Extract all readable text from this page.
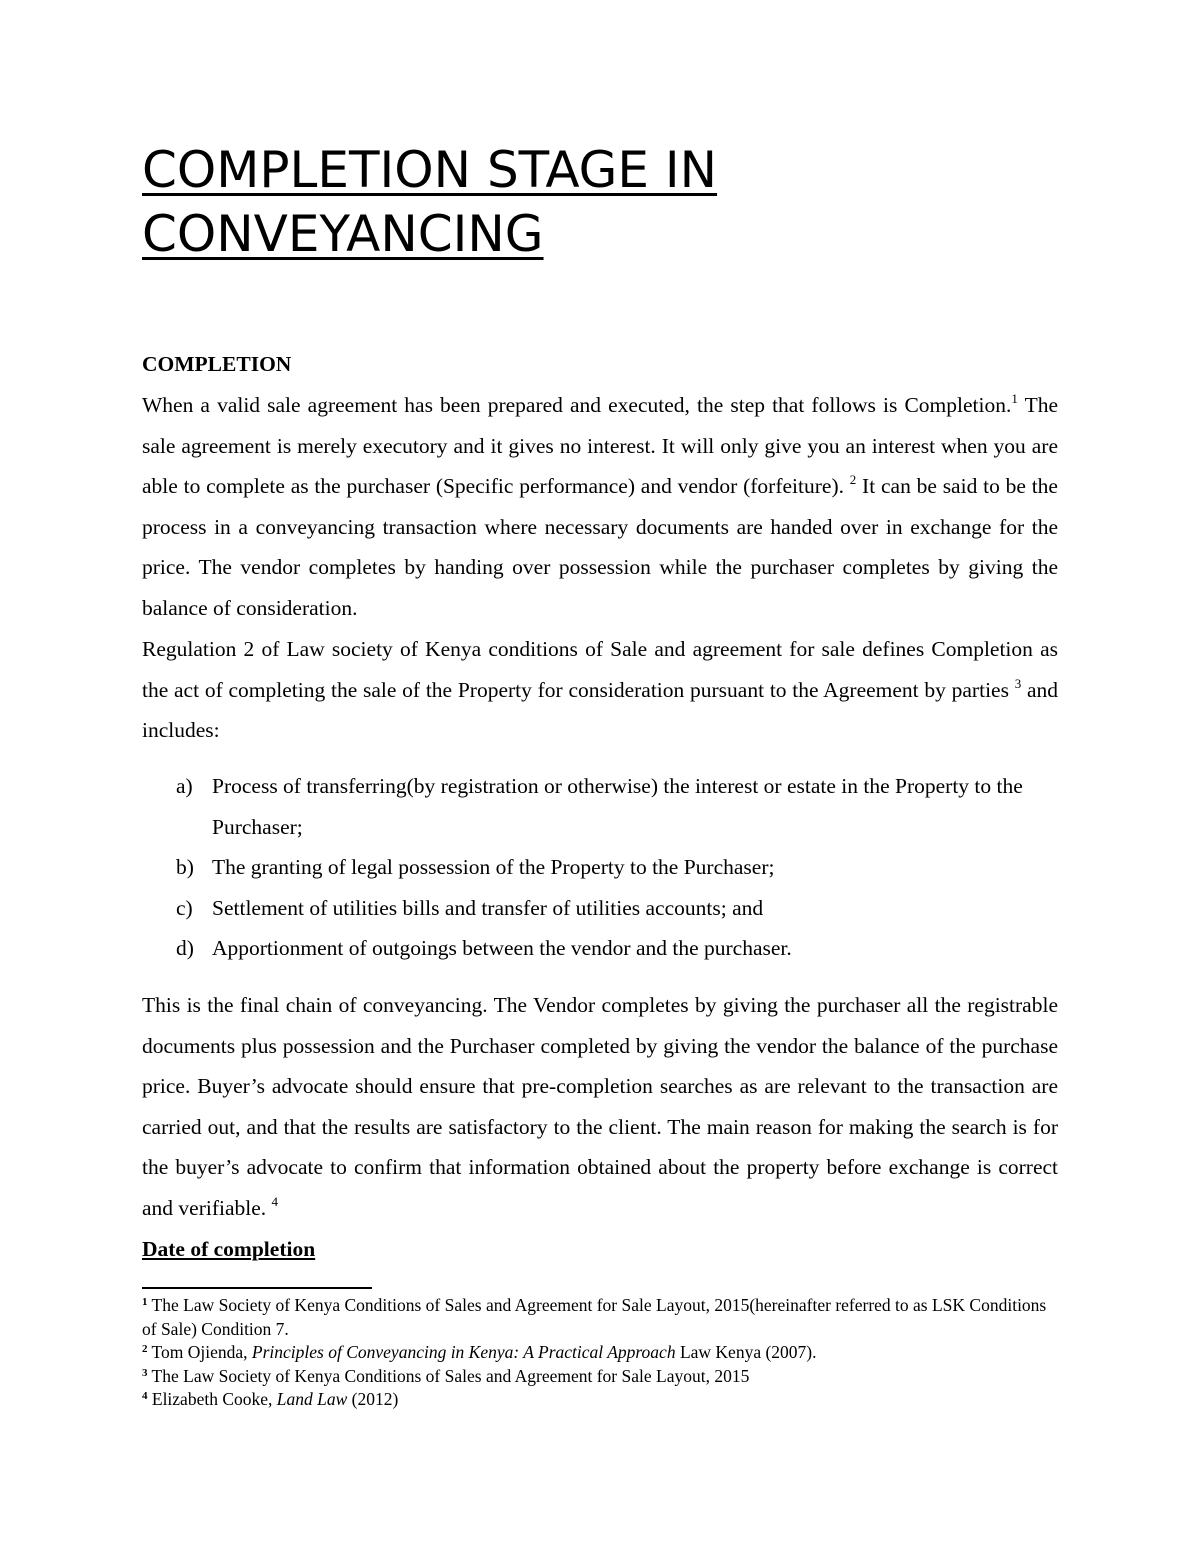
COMPLETION STAGE IN
CONVEYANCING

COMPLETION

When a valid sale agreement has been prepared and executed, the step that follows is Completion.$^1$ The sale agreement is merely executory and it gives no interest. It will only give you an interest when you are able to complete as the purchaser (Specific performance) and vendor (forfeiture). $^2$ It can be said to be the process in a conveyancing transaction where necessary documents are handed over in exchange for the price. The vendor completes by handing over possession while the purchaser completes by giving the balance of consideration.

Regulation 2 of Law society of Kenya conditions of Sale and agreement for sale defines Completion as the act of completing the sale of the Property for consideration pursuant to the Agreement by parties $^3$ and includes:

a) Process of transferring(by registration or otherwise) the interest or estate in the Property to the Purchaser;
b) The granting of legal possession of the Property to the Purchaser;
c) Settlement of utilities bills and transfer of utilities accounts; and
d) Apportionment of outgoings between the vendor and the purchaser.

This is the final chain of conveyancing. The Vendor completes by giving the purchaser all the registrable documents plus possession and the Purchaser completed by giving the vendor the balance of the purchase price. Buyer’s advocate should ensure that pre-completion searches as are relevant to the transaction are carried out, and that the results are satisfactory to the client. The main reason for making the search is for the buyer’s advocate to confirm that information obtained about the property before exchange is correct and verifiable. $^4$

Date of completion

$^1$ The Law Society of Kenya Conditions of Sales and Agreement for Sale Layout, 2015(hereinafter referred to as LSK Conditions of Sale) Condition 7.

$^2$ Tom Ojienda, Principles of Conveyancing in Kenya: A Practical Approach Law Kenya (2007).

$^3$ The Law Society of Kenya Conditions of Sales and Agreement for Sale Layout, 2015

$^4$ Elizabeth Cooke, Land Law (2012)
